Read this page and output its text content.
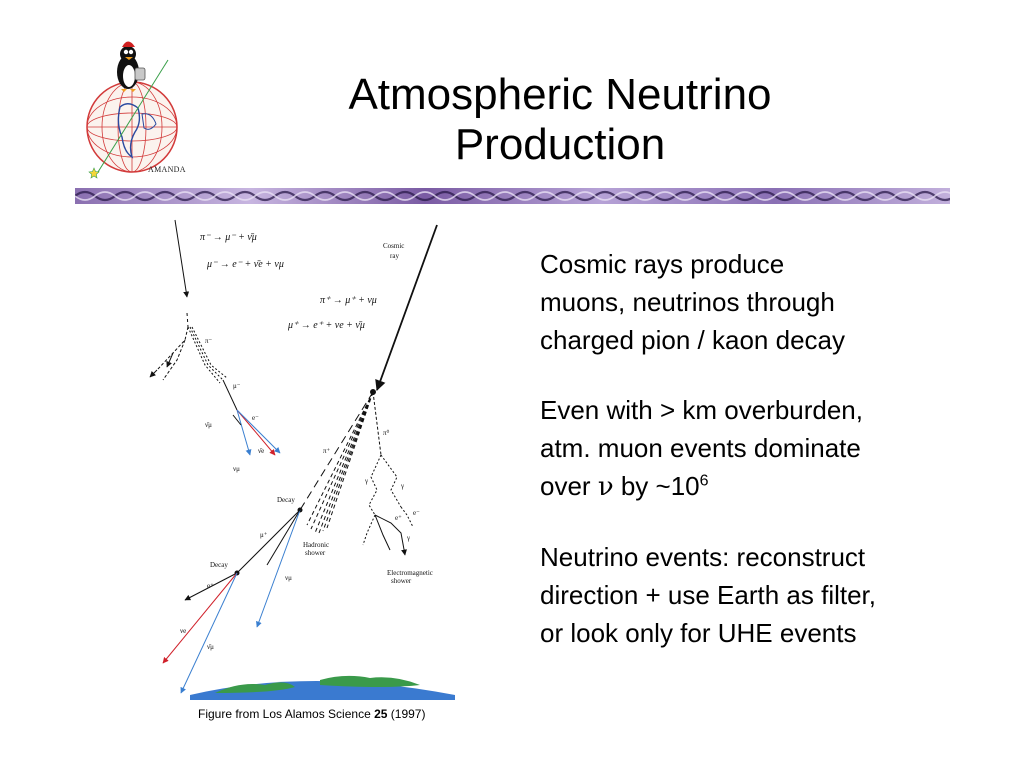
AMANDA
Atmospheric Neutrino
Production
π⁻ → μ⁻ + ν̄μ
μ⁻ → e⁻ + ν̄e + νμ
π⁺ → μ⁺ + νμ
μ⁺ → e⁺ + νe + ν̄μ
Cosmic
ray
π⁻
μ⁻
e⁻
ν̄μ
ν̄e
νμ
π⁺
π⁰
γ
γ
γ
e⁺
e⁻
Decay
μ⁺
Decay
e⁺
Hadronic
shower
Electromagnetic
shower
νμ
νe
ν̄μ
Figure from Los Alamos Science 25 (1997)
Cosmic rays produce
muons, neutrinos through
charged pion / kaon decay
Even with > km overburden,
atm. muon events dominate
over ν by $\sim 10^6$
Neutrino events: reconstruct
direction + use Earth as filter,
or look only for UHE events
